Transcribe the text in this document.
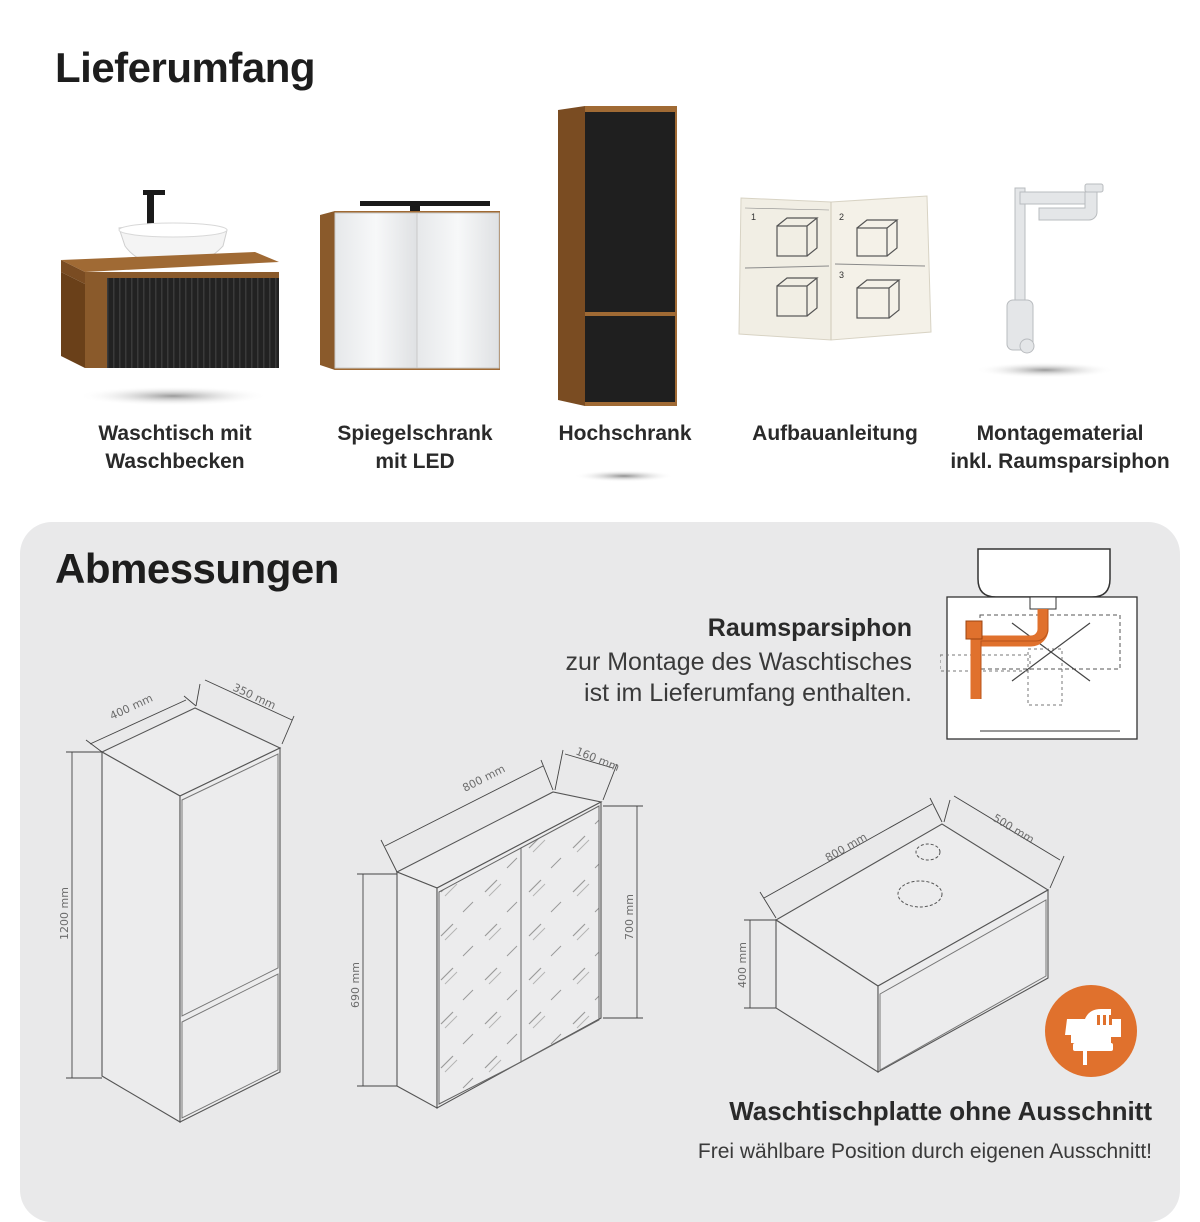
Lieferumfang
Waschtisch mit
Waschbecken
Spiegelschrank
mit LED
Hochschrank
1	2
3
Aufbauanleitung	Montagematerial
inkl. Raumsparsiphon
Abmessungen
Raumsparsiphon
zur Montage des Waschtisches
ist im Lieferumfang enthalten.
400 mm	350 mm
1200 mm
800 mm
160 mm
690 mm
700 mm
800 mm
500 mm
400 mm
Waschtischplatte ohne Ausschnitt
Frei wählbare Position durch eigenen Ausschnitt!
